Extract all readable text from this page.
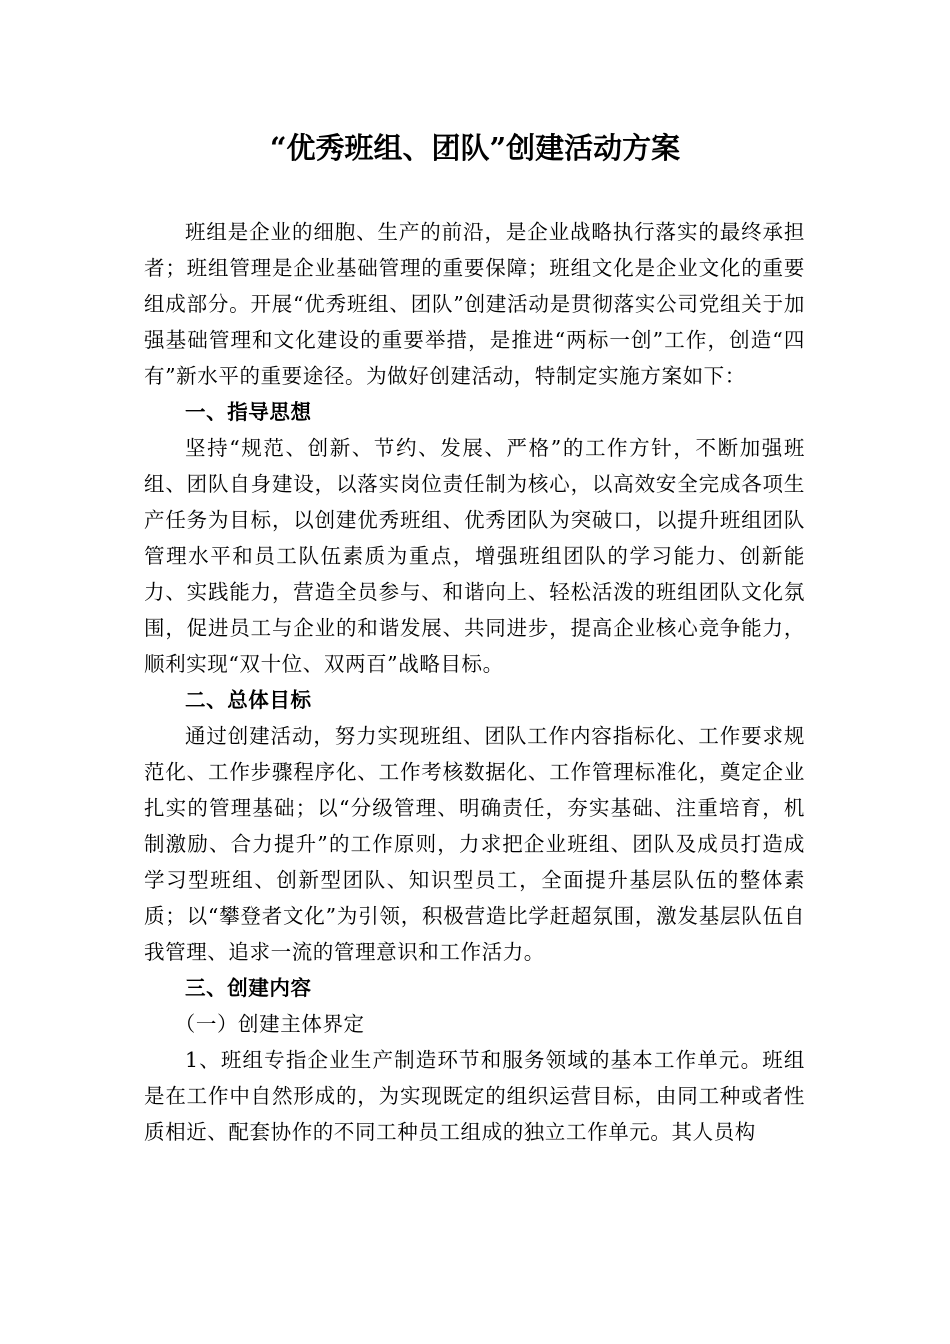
“优秀班组、团队”创建活动方案

班组是企业的细胞、生产的前沿，是企业战略执行落实的最终承担者；班组管理是企业基础管理的重要保障；班组文化是企业文化的重要组成部分。开展“优秀班组、团队”创建活动是贯彻落实公司党组关于加强基础管理和文化建设的重要举措，是推进“两标一创”工作，创造“四有”新水平的重要途径。为做好创建活动，特制定实施方案如下：

一、指导思想

坚持“规范、创新、节约、发展、严格”的工作方针，不断加强班组、团队自身建设，以落实岗位责任制为核心，以高效安全完成各项生产任务为目标，以创建优秀班组、优秀团队为突破口，以提升班组团队管理水平和员工队伍素质为重点，增强班组团队的学习能力、创新能力、实践能力，营造全员参与、和谐向上、轻松活泼的班组团队文化氛围，促进员工与企业的和谐发展、共同进步，提高企业核心竞争能力，顺利实现“双十位、双两百”战略目标。

二、总体目标

通过创建活动，努力实现班组、团队工作内容指标化、工作要求规范化、工作步骤程序化、工作考核数据化、工作管理标准化，奠定企业扎实的管理基础；以“分级管理、明确责任，夯实基础、注重培育，机制激励、合力提升”的工作原则，力求把企业班组、团队及成员打造成学习型班组、创新型团队、知识型员工，全面提升基层队伍的整体素质；以“攀登者文化”为引领，积极营造比学赶超氛围，激发基层队伍自我管理、追求一流的管理意识和工作活力。

三、创建内容

（一）创建主体界定

1、班组专指企业生产制造环节和服务领域的基本工作单元。班组是在工作中自然形成的，为实现既定的组织运营目标，由同工种或者性质相近、配套协作的不同工种员工组成的独立工作单元。其人员构
